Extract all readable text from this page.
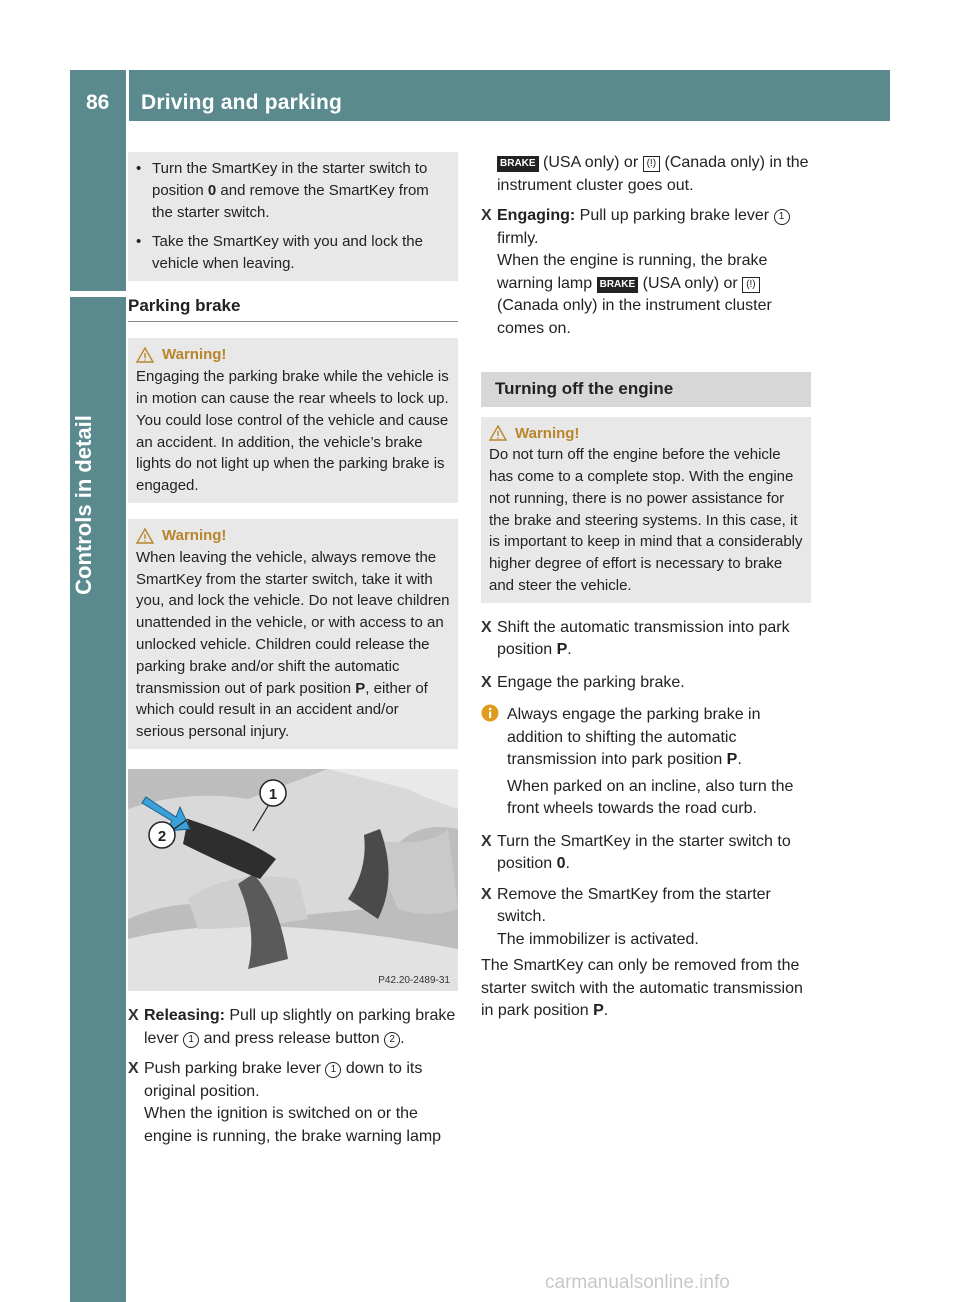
86	Driving and parking
Controls in detail
• Turn the SmartKey in the starter switch to position 0 and remove the SmartKey from the starter switch.

• Take the SmartKey with you and lock the vehicle when leaving.

Parking brake
Warning!

Engaging the parking brake while the vehicle is in motion can cause the rear wheels to lock up. You could lose control of the vehicle and cause an accident. In addition, the vehicle’s brake lights do not light up when the parking brake is engaged.

Warning!

When leaving the vehicle, always remove the SmartKey from the starter switch, take it with you, and lock the vehicle. Do not leave children unattended in the vehicle, or with access to an unlocked vehicle. Children could release the parking brake and/or shift the automatic transmission out of park position P, either of which could result in an accident and/or serious personal injury.

1
2
P42.20-2489-31
X Releasing: Pull up slightly on parking brake lever 1 and press release button 2 .
X Push parking brake lever 1 down to its original position.
When the ignition is switched on or the engine is running, the brake warning lamp
BRAKE (USA only) or (!) (Canada only) in the instrument cluster goes out.
X Engaging: Pull up parking brake lever 1 firmly.
When the engine is running, the brake warning lamp BRAKE (USA only) or (!) (Canada only) in the instrument cluster comes on.
Turning off the engine
Warning!

Do not turn off the engine before the vehicle has come to a complete stop. With the engine not running, there is no power assistance for the brake and steering systems. In this case, it is important to keep in mind that a considerably higher degree of effort is necessary to brake and steer the vehicle.

X Shift the automatic transmission into park position P.
X Engage the parking brake.
Always engage the parking brake in addition to shifting the automatic transmission into park position P.

When parked on an incline, also turn the front wheels towards the road curb.
X Turn the SmartKey in the starter switch to position 0.
X Remove the SmartKey from the starter switch.
The immobilizer is activated.

The SmartKey can only be removed from the starter switch with the automatic transmission in park position P.

carmanualsonline.info
